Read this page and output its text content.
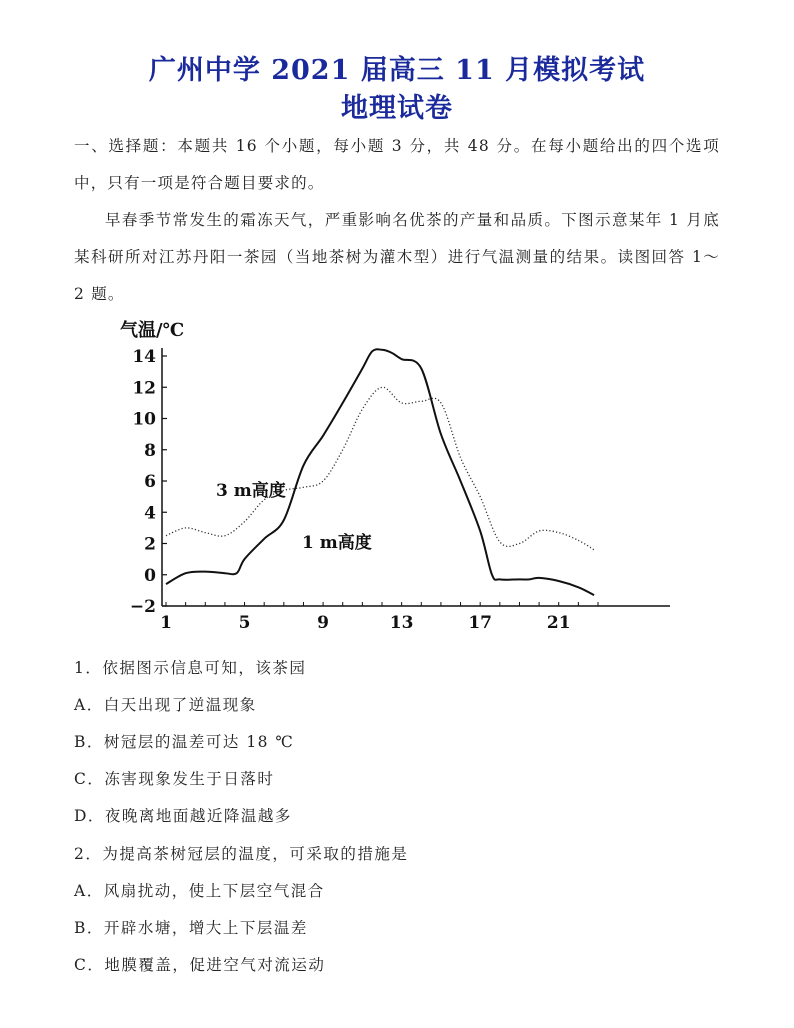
广州中学 2021 届高三 11 月模拟考试
地理试卷

一、选择题：本题共 16 个小题，每小题 3 分，共 48 分。在每小题给出的四个选项中，只有一项是符合题目要求的。

早春季节常发生的霜冻天气，严重影响名优茶的产量和品质。下图示意某年 1 月底某科研所对江苏丹阳一茶园（当地茶树为灌木型）进行气温测量的结果。读图回答 1～2 题。

气温/℃
14
12
10
8
6
4
2
0
−2
1	5	9	13	17	21
3 m高度
1 m高度
1．依据图示信息可知，该茶园
A．白天出现了逆温现象
B．树冠层的温差可达 18 ℃
C．冻害现象发生于日落时
D．夜晚离地面越近降温越多
2．为提高茶树冠层的温度，可采取的措施是
A．风扇扰动，使上下层空气混合
B．开辟水塘，增大上下层温差
C．地膜覆盖，促进空气对流运动
